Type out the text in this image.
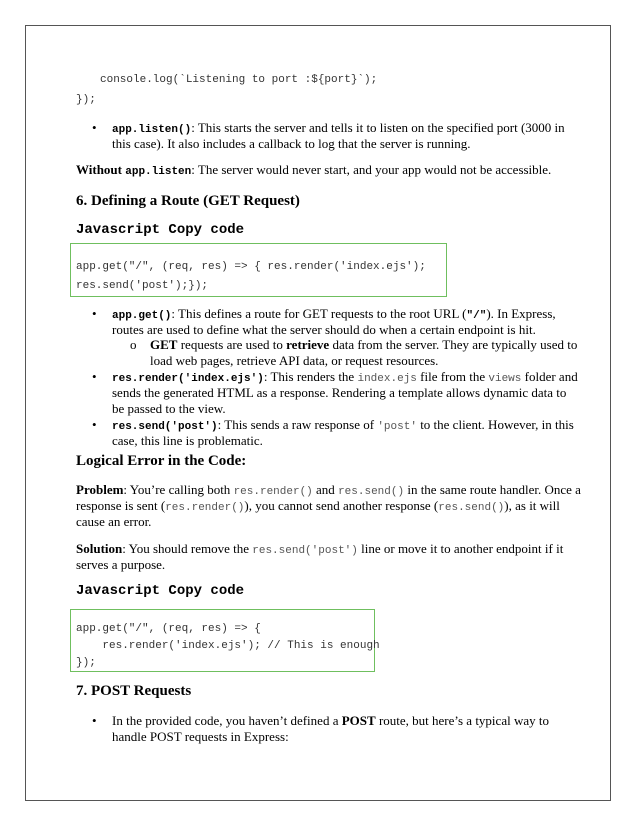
console.log(`Listening to port :${port}`);
});
• app.listen(): This starts the server and tells it to listen on the specified port (3000 in
this case). It also includes a callback to log that the server is running.
Without app.listen: The server would never start, and your app would not be accessible.
6. Defining a Route (GET Request)
Javascript Copy code
app.get("/", (req, res) => { res.render('index.ejs');
res.send('post');});
• app.get(): This defines a route for GET requests to the root URL ("/"). In Express,
routes are used to define what the server should do when a certain endpoint is hit.
o GET requests are used to retrieve data from the server. They are typically used to
load web pages, retrieve API data, or request resources.
• res.render('index.ejs'): This renders the index.ejs file from the views folder and
sends the generated HTML as a response. Rendering a template allows dynamic data to
be passed to the view.
• res.send('post'): This sends a raw response of 'post' to the client. However, in this
case, this line is problematic.
Logical Error in the Code:
Problem: You’re calling both res.render() and res.send() in the same route handler. Once a
response is sent (res.render()), you cannot send another response (res.send()), as it will
cause an error.
Solution: You should remove the res.send('post') line or move it to another endpoint if it
serves a purpose.
Javascript Copy code
app.get("/", (req, res) => {
res.render('index.ejs'); // This is enough
});
7. POST Requests
• In the provided code, you haven’t defined a POST route, but here’s a typical way to
handle POST requests in Express:
